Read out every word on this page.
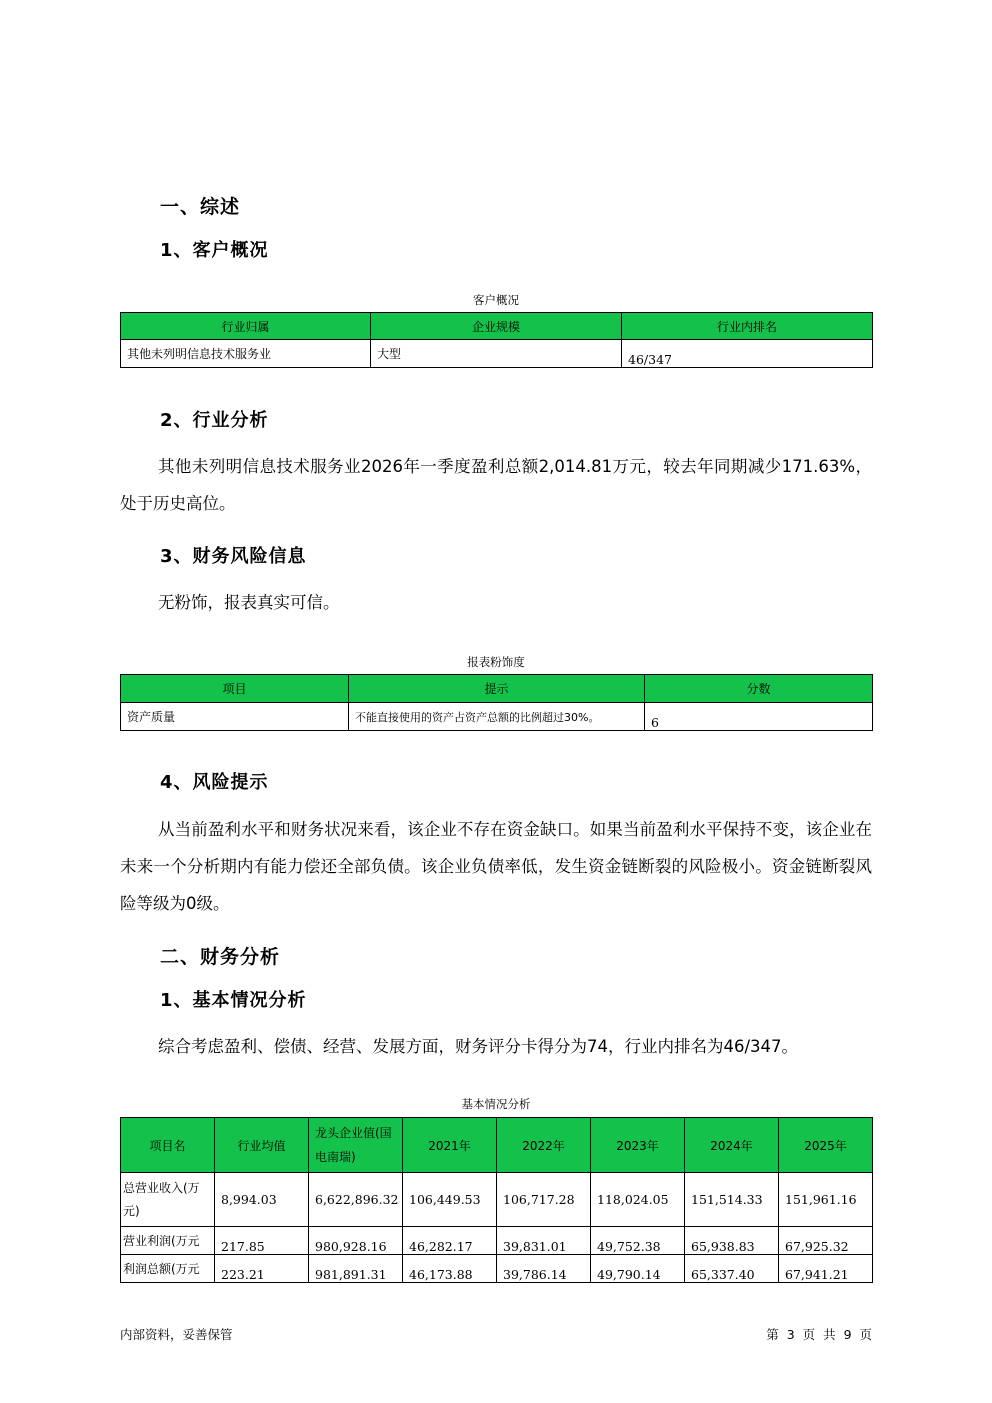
一、综述
1、客户概况
客户概况
行业归属	企业规模	行业内排名
其他未列明信息技术服务业	大型	46/347
2、行业分析
其他未列明信息技术服务业2026年一季度盈利总额2,014.81万元，较去年同期减少171.63%，处于历史高位。
3、财务风险信息
无粉饰，报表真实可信。
报表粉饰度
项目	提示	分数
资产质量	不能直接使用的资产占资产总额的比例超过30%。	6
4、风险提示
从当前盈利水平和财务状况来看，该企业不存在资金缺口。如果当前盈利水平保持不变，该企业在未来一个分析期内有能力偿还全部负债。该企业负债率低，发生资金链断裂的风险极小。资金链断裂风险等级为0级。
二、财务分析
1、基本情况分析
综合考虑盈利、偿债、经营、发展方面，财务评分卡得分为74，行业内排名为46/347。
基本情况分析
项目名	行业均值	龙头企业值(国电南瑞)	2021年	2022年	2023年	2024年	2025年
总营业收入(万元)	8,994.03	6,622,896.32	106,449.53	106,717.28	118,024.05	151,514.33	151,961.16
营业利润(万元	217.85	980,928.16	46,282.17	39,831.01	49,752.38	65,938.83	67,925.32
利润总额(万元	223.21	981,891.31	46,173.88	39,786.14	49,790.14	65,337.40	67,941.21
内部资料，妥善保管	第 3 页 共 9 页
